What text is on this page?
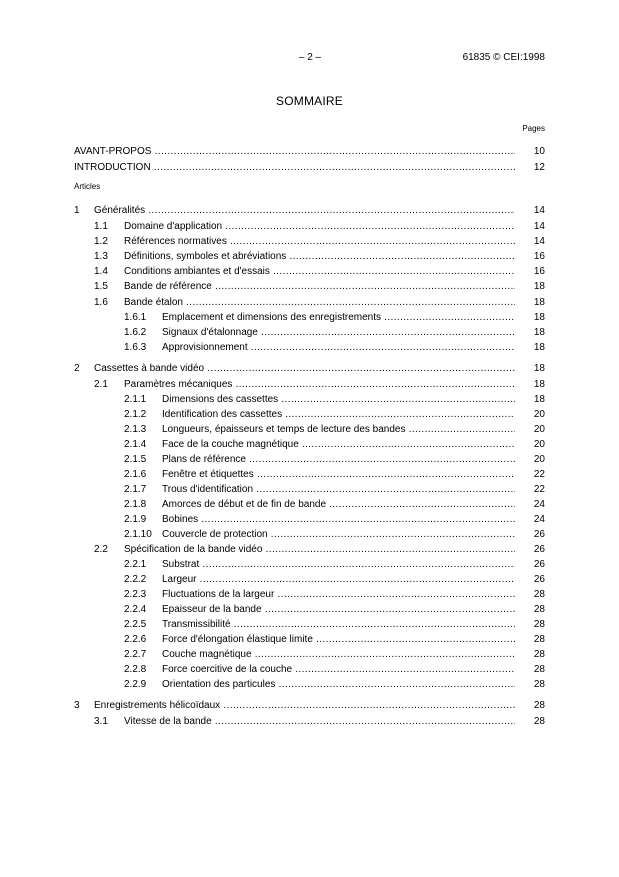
– 2 –	61835 © CEI:1998
SOMMAIRE
Pages
Articles
AVANT-PROPOS .....	10
INTRODUCTION .....	12
1 Généralités .....	14
1.1 Domaine d'application .....	14
1.2 Références normatives .....	14
1.3 Définitions, symboles et abréviations .....	16
1.4 Conditions ambiantes et d'essais .....	16
1.5 Bande de référence .....	18
1.6 Bande étalon .....	18
1.6.1 Emplacement et dimensions des enregistrements .....	18
1.6.2 Signaux d'étalonnage .....	18
1.6.3 Approvisionnement .....	18
2 Cassettes à bande vidéo .....	18
2.1 Paramètres mécaniques .....	18
2.1.1 Dimensions des cassettes .....	18
2.1.2 Identification des cassettes .....	20
2.1.3 Longueurs, épaisseurs et temps de lecture des bandes .....	20
2.1.4 Face de la couche magnétique .....	20
2.1.5 Plans de référence .....	20
2.1.6 Fenêtre et étiquettes .....	22
2.1.7 Trous d'identification .....	22
2.1.8 Amorces de début et de fin de bande .....	24
2.1.9 Bobines .....	24
2.1.10 Couvercle de protection .....	26
2.2 Spécification de la bande vidéo .....	26
2.2.1 Substrat .....	26
2.2.2 Largeur .....	26
2.2.3 Fluctuations de la largeur .....	28
2.2.4 Epaisseur de la bande .....	28
2.2.5 Transmissibilité .....	28
2.2.6 Force d'élongation élastique limite .....	28
2.2.7 Couche magnétique .....	28
2.2.8 Force coercitive de la couche .....	28
2.2.9 Orientation des particules .....	28
3 Enregistrements hélicoïdaux .....	28
3.1 Vitesse de la bande .....	28
